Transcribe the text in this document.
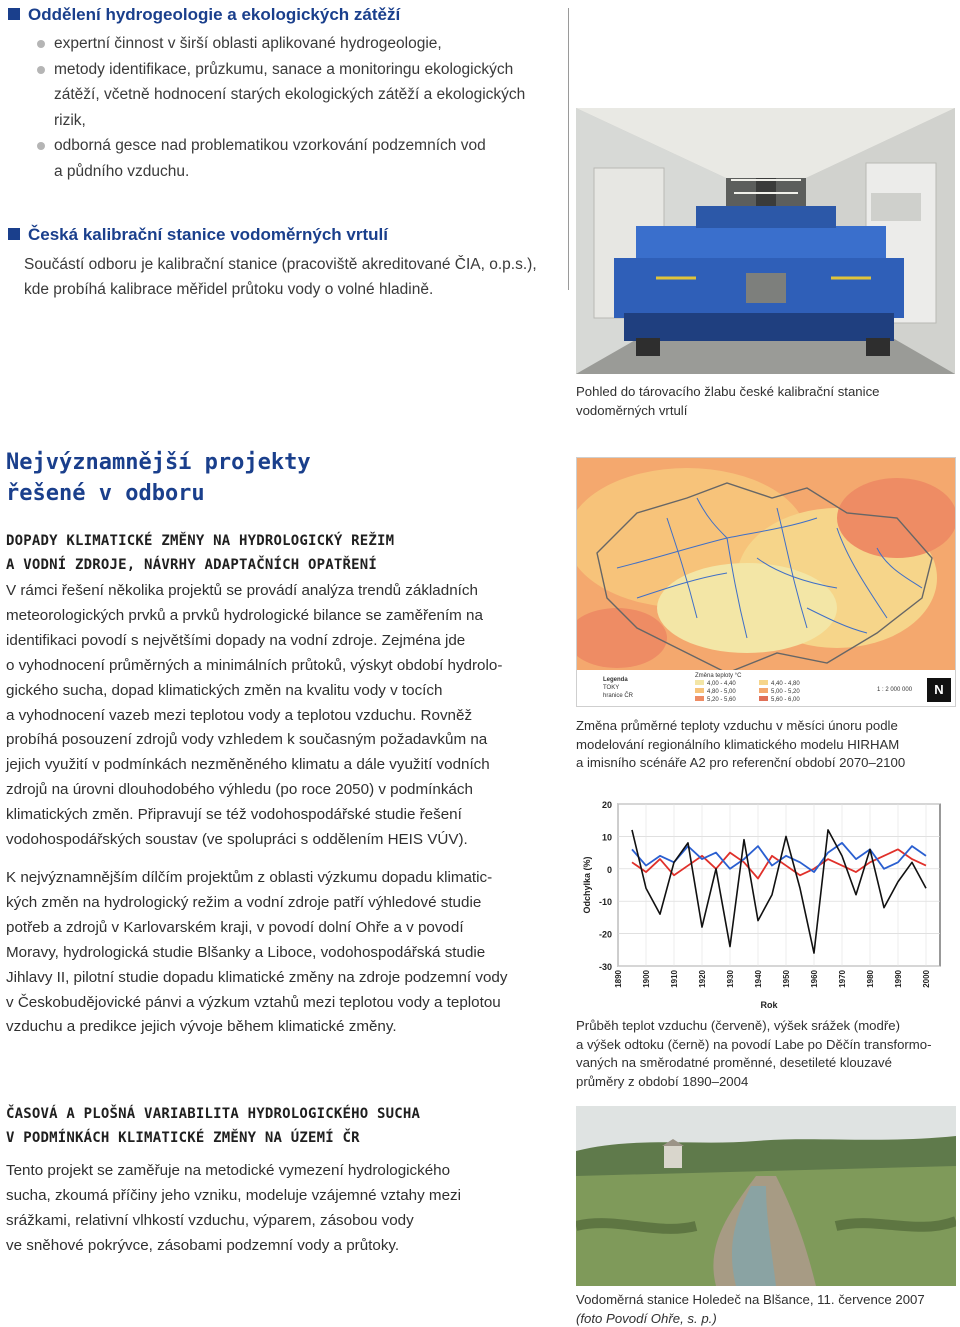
Oddělení hydrogeologie a ekologických zátěží
expertní činnost v širší oblasti aplikované hydrogeologie,
metody identifikace, průzkumu, sanace a monitoringu ekologických
zátěží, včetně hodnocení starých ekologických zátěží a ekologických
rizik,
odborná gesce nad problematikou vzorkování podzemních vod
a půdního vzduchu.
Česká kalibrační stanice vodoměrných vrtulí
Součástí odboru je kalibrační stanice (pracoviště akreditované ČIA, o.p.s.),
kde probíhá kalibrace měřidel průtoku vody o volné hladině.
Pohled do tárovacího žlabu české kalibrační stanice
vodoměrných vrtulí
Nejvýznamnější projekty
řešené v odboru
DOPADY KLIMATICKÉ ZMĚNY NA HYDROLOGICKÝ REŽIM
A VODNÍ ZDROJE, NÁVRHY ADAPTAČNÍCH OPATŘENÍ
V rámci řešení několika projektů se provádí analýza trendů základních
meteorologických prvků a prvků hydrologické bilance se zaměřením na
identifikaci povodí s největšími dopady na vodní zdroje. Zejména jde
o vyhodnocení průměrných a minimálních průtoků, výskyt období hydrolo-
gického sucha, dopad klimatických změn na kvalitu vody v tocích
a vyhodnocení vazeb mezi teplotou vody a teplotou vzduchu. Rovněž
probíhá posouzení zdrojů vody vzhledem k současným požadavkům na
jejich využití v podmínkách nezměněného klimatu a dále využití vodních
zdrojů na úrovni dlouhodobého výhledu (po roce 2050) v podmínkách
klimatických změn. Připravují se též vodohospodářské studie řešení
vodohospodářských soustav (ve spolupráci s oddělením HEIS VÚV).
K nejvýznamnějším dílčím projektům z oblasti výzkumu dopadu klimatic-
kých změn na hydrologický režim a vodní zdroje patří výhledové studie
potřeb a zdrojů v Karlovarském kraji, v povodí dolní Ohře a v povodí
Moravy, hydrologická studie Blšanky a Liboce, vodohospodářská studie
Jihlavy II, pilotní studie dopadu klimatické změny na zdroje podzemní vody
v Českobudějovické pánvi a výzkum vztahů mezi teplotou vody a teplotou
vzduchu a predikce jejich vývoje během klimatické změny.
ČASOVÁ A PLOŠNÁ VARIABILITA HYDROLOGICKÉHO SUCHA
V PODMÍNKÁCH KLIMATICKÉ ZMĚNY NA ÚZEMÍ ČR
Tento projekt se zaměřuje na metodické vymezení hydrologického
sucha, zkoumá příčiny jeho vzniku, modeluje vzájemné vztahy mezi
srážkami, relativní vlhkostí vzduchu, výparem, zásobou vody
ve sněhové pokrývce, zásobami podzemní vody a průtoky.
Legenda
TOKY
hranice ČR
Změna teploty °C
4,00 - 4,40	4,40 - 4,80
4,80 - 5,00	5,00 - 5,20
5,20 - 5,60	5,60 - 6,00
1 : 2 000 000	N
Změna průměrné teploty vzduchu v měsíci únoru podle
modelování regionálního klimatického modelu HIRHAM
a imisního scénáře A2 pro referenční období 2070–2100
20
10
0
-10
-20
-30
1890 1900 1910 1920 1930 1940 1950 1960 1970 1980 1990 2000
Odchylka (%)
Rok
Průběh teplot vzduchu (červeně), výšek srážek (modře)
a výšek odtoku (černě) na povodí Labe po Děčín transformo-
vaných na směrodatné proměnné, desetileté klouzavé
průměry z období 1890–2004
Vodoměrná stanice Holedeč na Blšance, 11. července 2007
(foto Povodí Ohře, s. p.)
